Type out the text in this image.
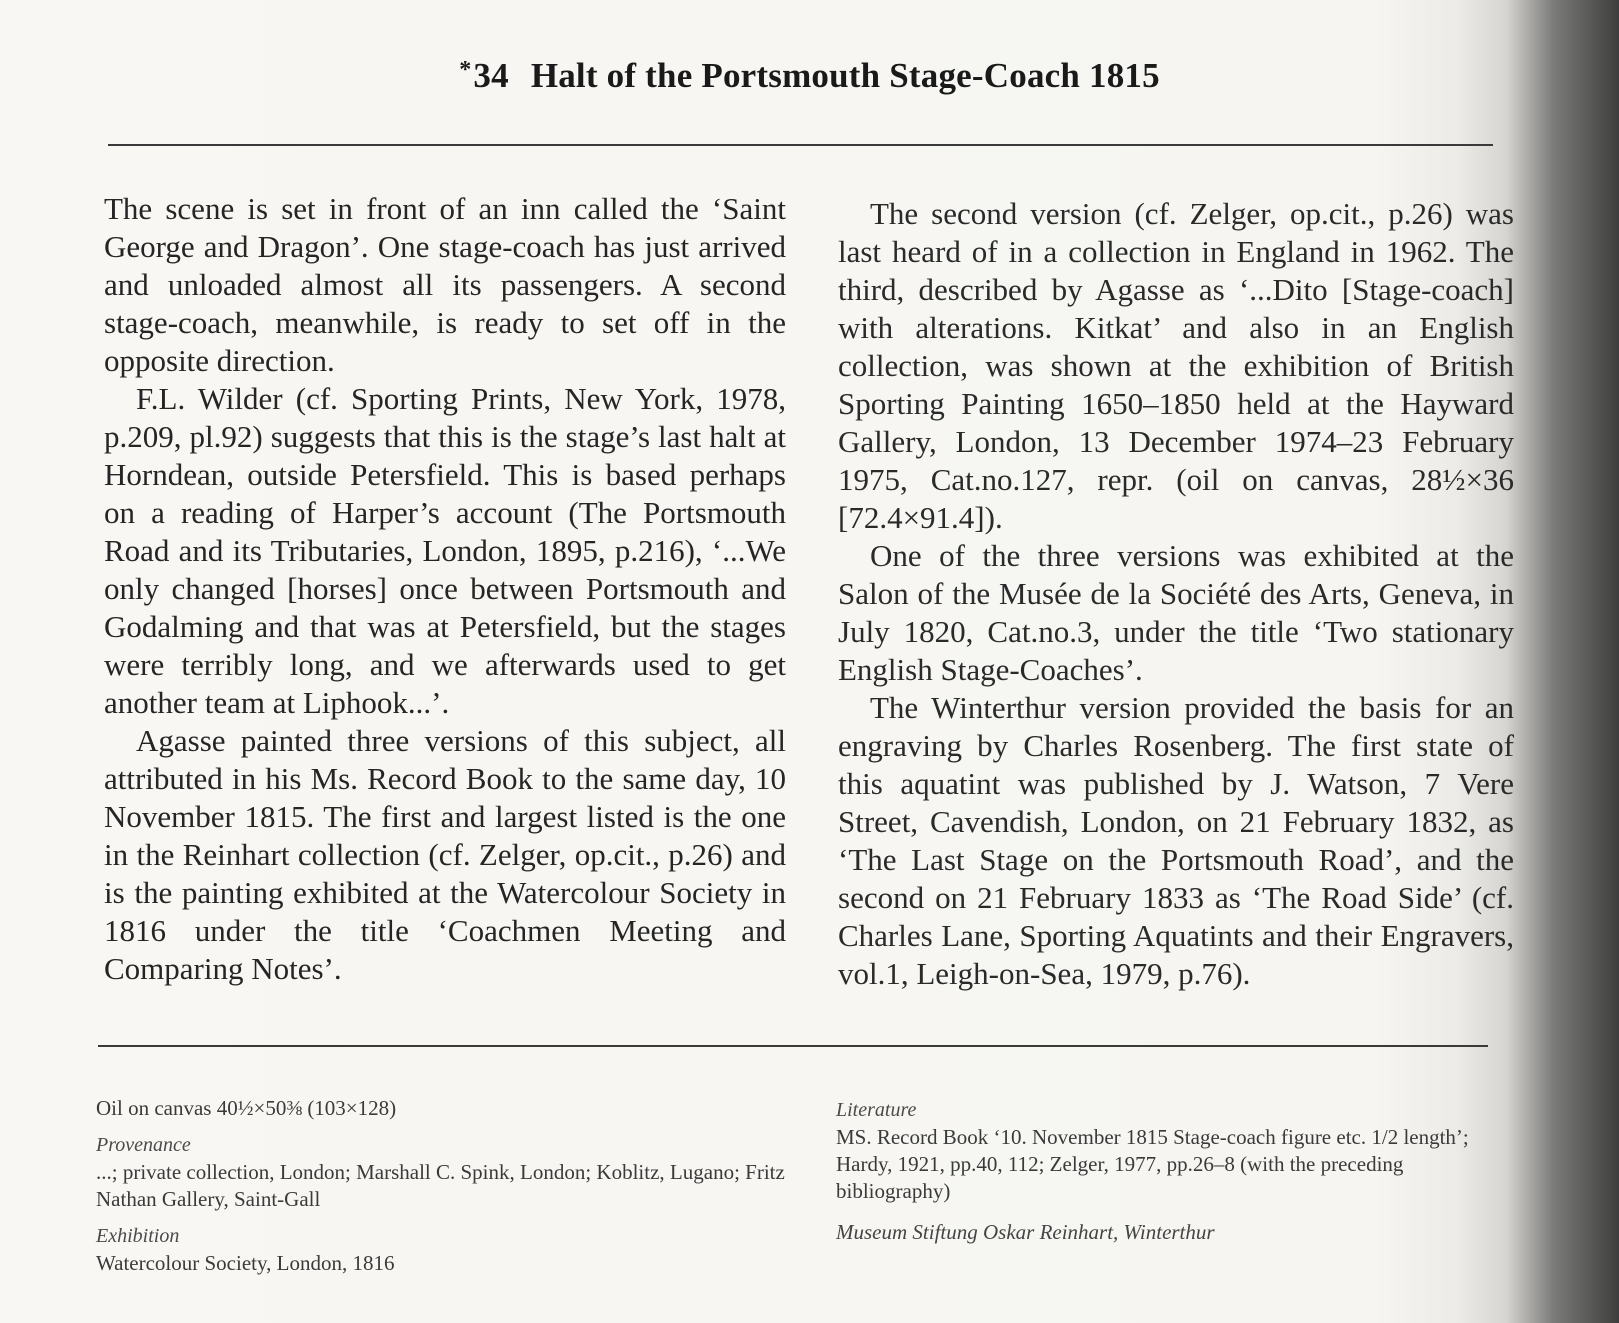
*34 Halt of the Portsmouth Stage-Coach 1815

The scene is set in front of an inn called the ‘Saint George and Dragon’. One stage-coach has just arrived and unloaded almost all its passengers. A second stage-coach, meanwhile, is ready to set off in the opposite direction.

F.L. Wilder (cf. Sporting Prints, New York, 1978, p.209, pl.92) suggests that this is the stage’s last halt at Horndean, outside Petersfield. This is based perhaps on a reading of Harper’s account (The Portsmouth Road and its Tributaries, London, 1895, p.216), ‘...We only changed [horses] once between Portsmouth and Godalming and that was at Petersfield, but the stages were terribly long, and we afterwards used to get another team at Liphook...’.

Agasse painted three versions of this subject, all attributed in his Ms. Record Book to the same day, 10 November 1815. The first and largest listed is the one in the Reinhart collection (cf. Zelger, op.cit., p.26) and is the painting exhibited at the Watercolour Society in 1816 under the title ‘Coachmen Meeting and Comparing Notes’.

The second version (cf. Zelger, op.cit., p.26) was last heard of in a collection in England in 1962. The third, described by Agasse as ‘...Dito [Stage-coach] with alterations. Kitkat’ and also in an English collection, was shown at the exhibition of British Sporting Painting 1650–1850 held at the Hayward Gallery, London, 13 December 1974–23 February 1975, Cat.no.127, repr. (oil on canvas, 28½×36 [72.4×91.4]).

One of the three versions was exhibited at the Salon of the Musée de la Société des Arts, Geneva, in July 1820, Cat.no.3, under the title ‘Two stationary English Stage-Coaches’.

The Winterthur version provided the basis for an engraving by Charles Rosenberg. The first state of this aquatint was published by J. Watson, 7 Vere Street, Cavendish, London, on 21 February 1832, as ‘The Last Stage on the Portsmouth Road’, and the second on 21 February 1833 as ‘The Road Side’ (cf. Charles Lane, Sporting Aquatints and their Engravers, vol.1, Leigh-on-Sea, 1979, p.76).

Oil on canvas 40½×50⅜ (103×128)
Provenance
...; private collection, London; Marshall C. Spink, London; Koblitz, Lugano; Fritz Nathan Gallery, Saint-Gall
Exhibition
Watercolour Society, London, 1816
Literature
MS. Record Book ‘10. November 1815 Stage-coach figure etc. 1/2 length’; Hardy, 1921, pp.40, 112; Zelger, 1977, pp.26–8 (with the preceding bibliography)
Museum Stiftung Oskar Reinhart, Winterthur
